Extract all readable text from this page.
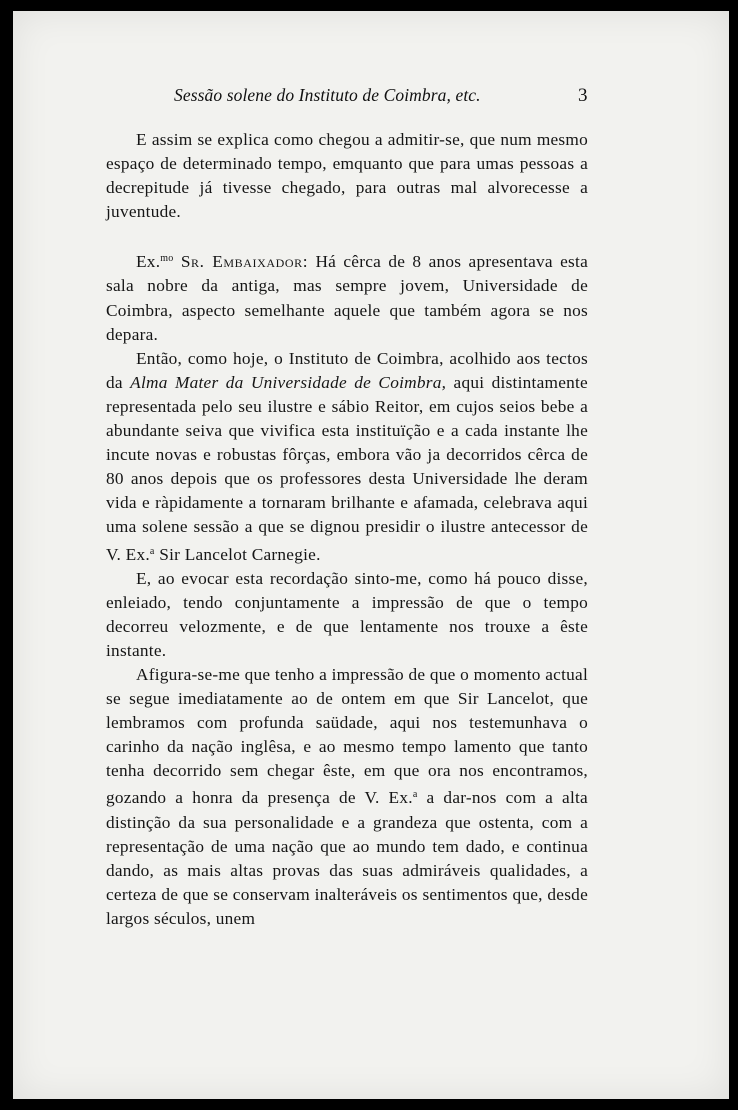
Sessão solene do Instituto de Coimbra, etc.	3

E assim se explica como chegou a admitir-se, que num mesmo espaço de determinado tempo, emquanto que para umas pessoas a decrepitude já tivesse chegado, para outras mal alvorecesse a juventude.

Ex.$^{mo}$ Sr. Embaixador: Há cêrca de 8 anos apresentava esta sala nobre da antiga, mas sempre jovem, Universidade de Coimbra, aspecto semelhante aquele que também agora se nos depara.

Então, como hoje, o Instituto de Coimbra, acolhido aos tectos da Alma Mater da Universidade de Coimbra, aqui distintamente representada pelo seu ilustre e sábio Reitor, em cujos seios bebe a abundante seiva que vivifica esta instituïção e a cada instante lhe incute novas e robustas fôrças, embora vão ja decorridos cêrca de 80 anos depois que os professores desta Universidade lhe deram vida e ràpidamente a tornaram brilhante e afamada, celebrava aqui uma solene sessão a que se dignou presidir o ilustre antecessor de V. Ex.$^a$ Sir Lancelot Carnegie.

E, ao evocar esta recordação sinto-me, como há pouco disse, enleiado, tendo conjuntamente a impressão de que o tempo decorreu velozmente, e de que lentamente nos trouxe a êste instante.

Afigura-se-me que tenho a impressão de que o momento actual se segue imediatamente ao de ontem em que Sir Lancelot, que lembramos com profunda saüdade, aqui nos testemunhava o carinho da nação inglêsa, e ao mesmo tempo lamento que tanto tenha decorrido sem chegar êste, em que ora nos encontramos, gozando a honra da presença de V. Ex.$^a$ a dar-nos com a alta distinção da sua personalidade e a grandeza que ostenta, com a representação de uma nação que ao mundo tem dado, e continua dando, as mais altas provas das suas admiráveis qualidades, a certeza de que se conservam inalteráveis os sentimentos que, desde largos séculos, unem
